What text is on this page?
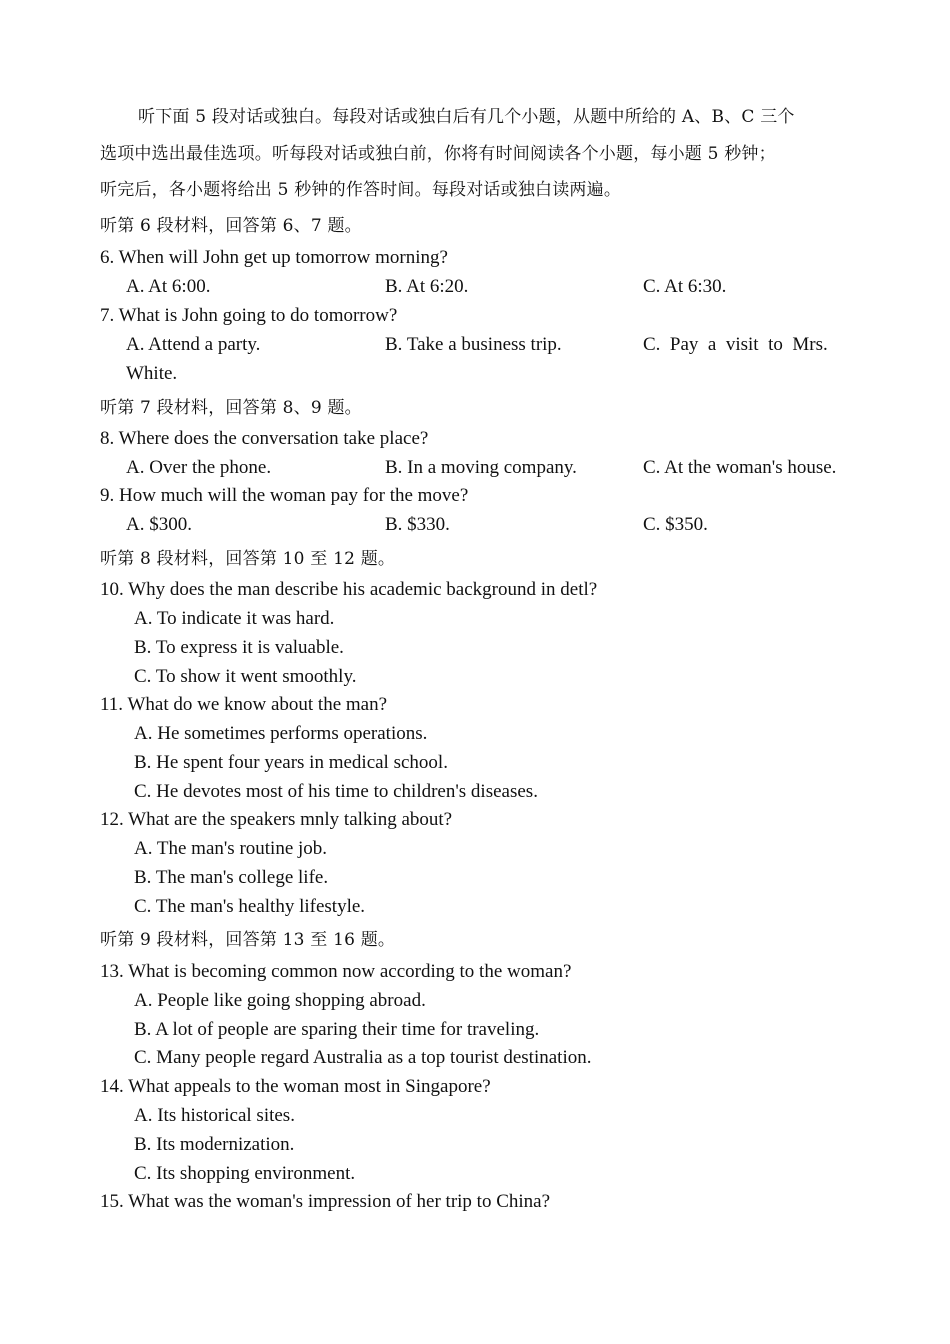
听下面 5 段对话或独白。每段对话或独白后有几个小题，从题中所给的 A、B、C 三个
选项中选出最佳选项。听每段对话或独白前，你将有时间阅读各个小题，每小题 5 秒钟；
听完后，各小题将给出 5 秒钟的作答时间。每段对话或独白读两遍。
听第 6 段材料，回答第 6、7 题。
6. When will John get up tomorrow morning?
A. At 6:00.	B. At 6:20.	C. At 6:30.
7. What is John going to do tomorrow?
A. Attend a party.	B. Take a business trip.	C.  Pay  a  visit  to  Mrs.
White.
听第 7 段材料，回答第 8、9 题。
8. Where does the conversation take place?
A. Over the phone.	B. In a moving company.	C. At the woman's house.
9. How much will the woman pay for the move?
A. $300.	B. $330.	C. $350.
听第 8 段材料，回答第 10 至 12 题。
10. Why does the man describe his academic background in detl?
A. To indicate it was hard.
B. To express it is valuable.
C. To show it went smoothly.
11. What do we know about the man?
A. He sometimes performs operations.
B. He spent four years in medical school.
C. He devotes most of his time to children's diseases.
12. What are the speakers mnly talking about?
A. The man's routine job.
B. The man's college life.
C. The man's healthy lifestyle.
听第 9 段材料，回答第 13 至 16 题。
13. What is becoming common now according to the woman?
A. People like going shopping abroad.
B. A lot of people are sparing their time for traveling.
C. Many people regard Australia as a top tourist destination.
14. What appeals to the woman most in Singapore?
A. Its historical sites.
B. Its modernization.
C. Its shopping environment.
15. What was the woman's impression of her trip to China?
